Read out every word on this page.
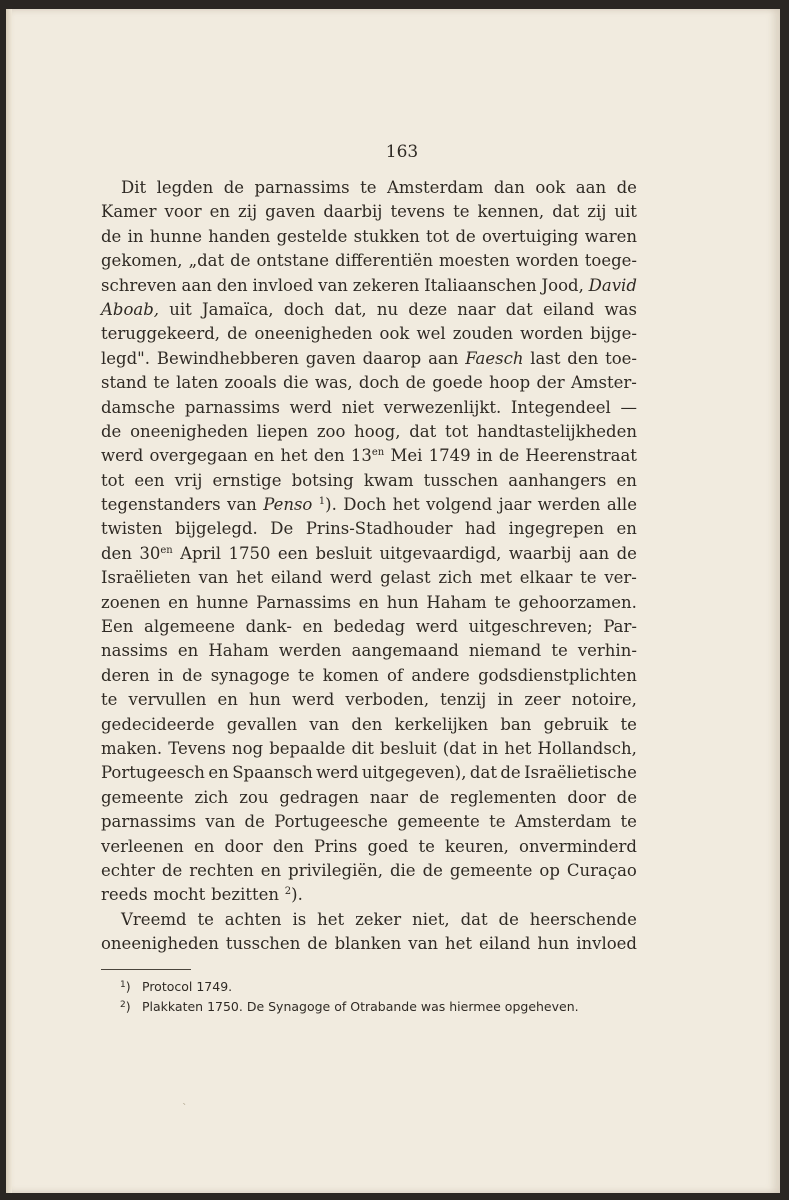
163
`
Dit legden de parnassims te Amsterdam dan ook aan de
Kamer voor en zij gaven daarbij tevens te kennen, dat zij uit
de in hunne handen gestelde stukken tot de overtuiging waren
gekomen, „dat de ontstane differentiën moesten worden toege-
schreven aan den invloed van zekeren Italiaanschen Jood, David
Aboab, uit Jamaïca, doch dat, nu deze naar dat eiland was
teruggekeerd, de oneenigheden ook wel zouden worden bijge-
legd". Bewindhebberen gaven daarop aan Faesch last den toe-
stand te laten zooals die was, doch de goede hoop der Amster-
damsche parnassims werd niet verwezenlijkt. Integendeel —
de oneenigheden liepen zoo hoog, dat tot handtastelijkheden
werd overgegaan en het den $13^{en}$ Mei 1749 in de Heerenstraat
tot een vrij ernstige botsing kwam tusschen aanhangers en
tegenstanders van Penso $^1$). Doch het volgend jaar werden alle
twisten bijgelegd. De Prins-Stadhouder had ingegrepen en
den $30^{en}$ April 1750 een besluit uitgevaardigd, waarbij aan de
Israëlieten van het eiland werd gelast zich met elkaar te ver-
zoenen en hunne Parnassims en hun Haham te gehoorzamen.
Een algemeene dank- en bededag werd uitgeschreven; Par-
nassims en Haham werden aangemaand niemand te verhin-
deren in de synagoge te komen of andere godsdienstplichten
te vervullen en hun werd verboden, tenzij in zeer notoire,
gedecideerde gevallen van den kerkelijken ban gebruik te
maken. Tevens nog bepaalde dit besluit (dat in het Hollandsch,
Portugeesch en Spaansch werd uitgegeven), dat de Israëlietische
gemeente zich zou gedragen naar de reglementen door de
parnassims van de Portugeesche gemeente te Amsterdam te
verleenen en door den Prins goed te keuren, onverminderd
echter de rechten en privilegiën, die de gemeente op Curaçao
reeds mocht bezitten $^2$).
Vreemd te achten is het zeker niet, dat de heerschende
oneenigheden tusschen de blanken van het eiland hun invloed
$^1$) Protocol 1749.
$^2$) Plakkaten 1750. De Synagoge of Otrabande was hiermee opgeheven.
